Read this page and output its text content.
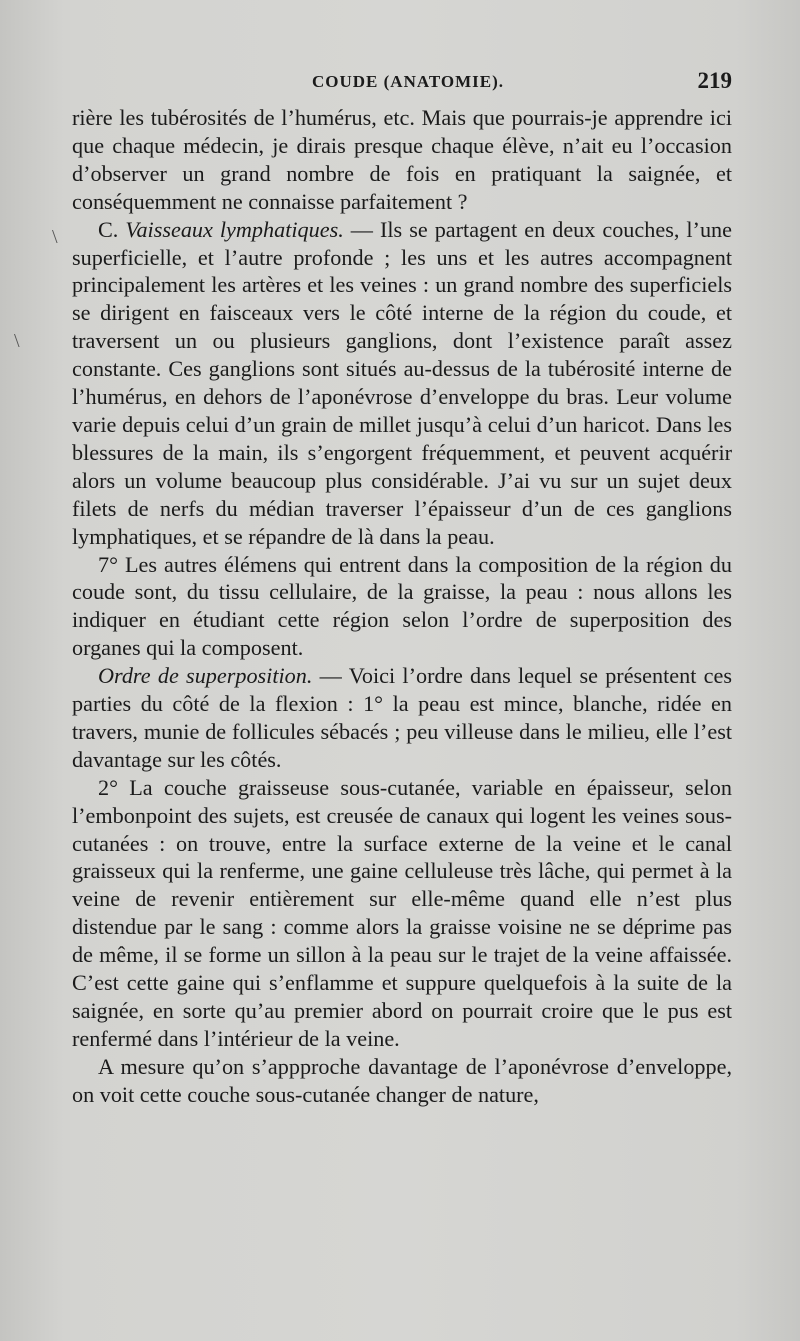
COUDE (ANATOMIE).	219
\
\

rière les tubérosités de l’humérus, etc. Mais que pourrais-je apprendre ici que chaque médecin, je dirais presque chaque élève, n’ait eu l’occasion d’observer un grand nombre de fois en pratiquant la saignée, et conséquemment ne connaisse parfaitement ?

C. Vaisseaux lymphatiques. — Ils se partagent en deux couches, l’une superficielle, et l’autre profonde ; les uns et les autres accompagnent principalement les artères et les veines : un grand nombre des superficiels se dirigent en faisceaux vers le côté interne de la région du coude, et traversent un ou plusieurs ganglions, dont l’existence paraît assez constante. Ces ganglions sont situés au-dessus de la tubérosité interne de l’humérus, en dehors de l’aponévrose d’enveloppe du bras. Leur volume varie depuis celui d’un grain de millet jusqu’à celui d’un haricot. Dans les blessures de la main, ils s’engorgent fréquemment, et peuvent acquérir alors un volume beaucoup plus considérable. J’ai vu sur un sujet deux filets de nerfs du médian traverser l’épaisseur d’un de ces ganglions lymphatiques, et se répandre de là dans la peau.

7° Les autres élémens qui entrent dans la composition de la région du coude sont, du tissu cellulaire, de la graisse, la peau : nous allons les indiquer en étudiant cette région selon l’ordre de superposition des organes qui la composent.

Ordre de superposition. — Voici l’ordre dans lequel se présentent ces parties du côté de la flexion : 1° la peau est mince, blanche, ridée en travers, munie de follicules sébacés ; peu villeuse dans le milieu, elle l’est davantage sur les côtés.

2° La couche graisseuse sous-cutanée, variable en épaisseur, selon l’embonpoint des sujets, est creusée de canaux qui logent les veines sous-cutanées : on trouve, entre la surface externe de la veine et le canal graisseux qui la renferme, une gaine celluleuse très lâche, qui permet à la veine de revenir entièrement sur elle-même quand elle n’est plus distendue par le sang : comme alors la graisse voisine ne se déprime pas de même, il se forme un sillon à la peau sur le trajet de la veine affaissée. C’est cette gaine qui s’enflamme et suppure quelquefois à la suite de la saignée, en sorte qu’au premier abord on pourrait croire que le pus est renfermé dans l’intérieur de la veine.

A mesure qu’on s’appproche davantage de l’aponévrose d’enveloppe, on voit cette couche sous-cutanée changer de nature,
